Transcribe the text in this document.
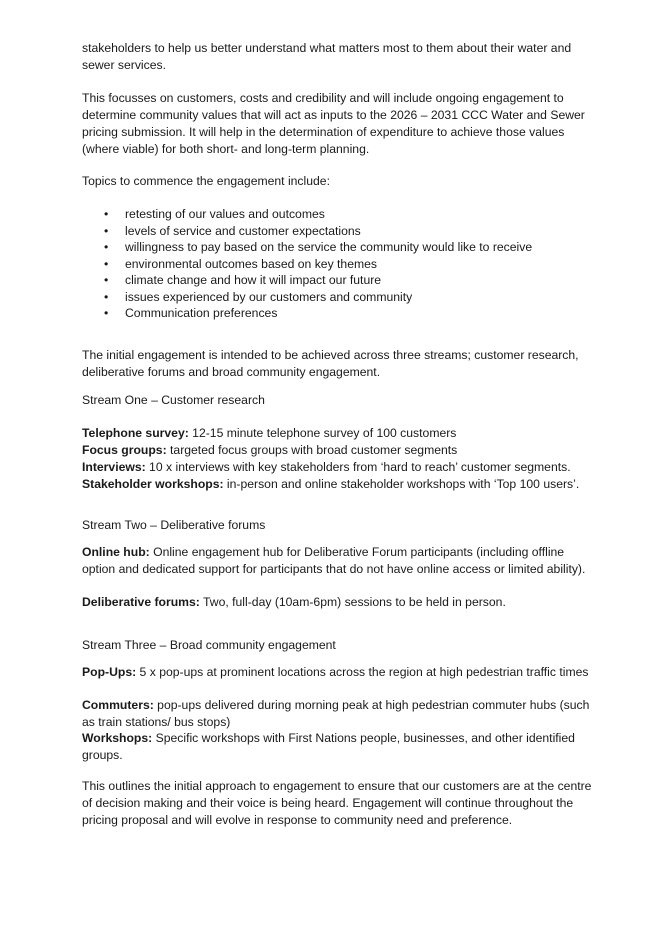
stakeholders to help us better understand what matters most to them about their water and sewer services.

This focusses on customers, costs and credibility and will include ongoing engagement to determine community values that will act as inputs to the 2026 – 2031 CCC Water and Sewer pricing submission. It will help in the determination of expenditure to achieve those values (where viable) for both short- and long-term planning.

Topics to commence the engagement include:

• retesting of our values and outcomes
• levels of service and customer expectations
• willingness to pay based on the service the community would like to receive
• environmental outcomes based on key themes
• climate change and how it will impact our future
• issues experienced by our customers and community
• Communication preferences

The initial engagement is intended to be achieved across three streams; customer research, deliberative forums and broad community engagement.

Stream One – Customer research

Telephone survey: 12-15 minute telephone survey of 100 customers
Focus groups: targeted focus groups with broad customer segments
Interviews: 10 x interviews with key stakeholders from ‘hard to reach’ customer segments.
Stakeholder workshops: in-person and online stakeholder workshops with ‘Top 100 users’.

Stream Two – Deliberative forums

Online hub: Online engagement hub for Deliberative Forum participants (including offline option and dedicated support for participants that do not have online access or limited ability).

Deliberative forums: Two, full-day (10am-6pm) sessions to be held in person.

Stream Three – Broad community engagement

Pop-Ups: 5 x pop-ups at prominent locations across the region at high pedestrian traffic times

Commuters: pop-ups delivered during morning peak at high pedestrian commuter hubs (such as train stations/ bus stops)

Workshops: Specific workshops with First Nations people, businesses, and other identified groups.

This outlines the initial approach to engagement to ensure that our customers are at the centre of decision making and their voice is being heard. Engagement will continue throughout the pricing proposal and will evolve in response to community need and preference.
